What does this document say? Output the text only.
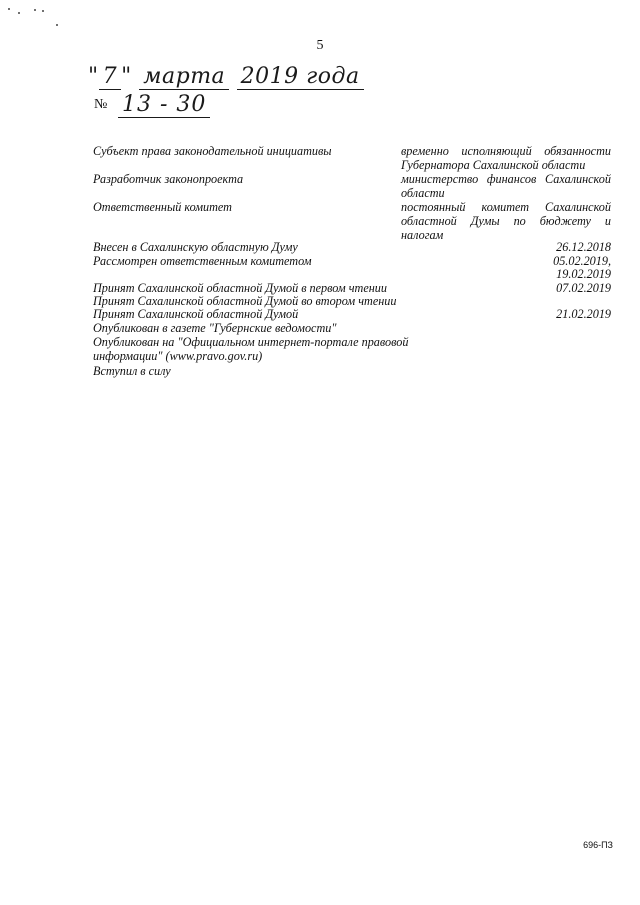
5
" 7 " марта 2019 года
№ 13 - 30
Субъект права законодательной инициативы	временно исполняющий обязанности
Губернатора Сахалинской области
Разработчик законопроекта	министерство финансов Сахалинской
области
Ответственный комитет	постоянный комитет Сахалинской
областной Думы по бюджету и
налогам
Внесен в Сахалинскую областную Думу	26.12.2018
Рассмотрен ответственным комитетом	05.02.2019,
19.02.2019
Принят Сахалинской областной Думой в первом чтении	07.02.2019
Принят Сахалинской областной Думой во втором чтении
Принят Сахалинской областной Думой	21.02.2019
Опубликован в газете "Губернские ведомости"
Опубликован на "Официальном интернет-портале правовой
информации" (www.pravo.gov.ru)
Вступил в силу
696-ПЗ
